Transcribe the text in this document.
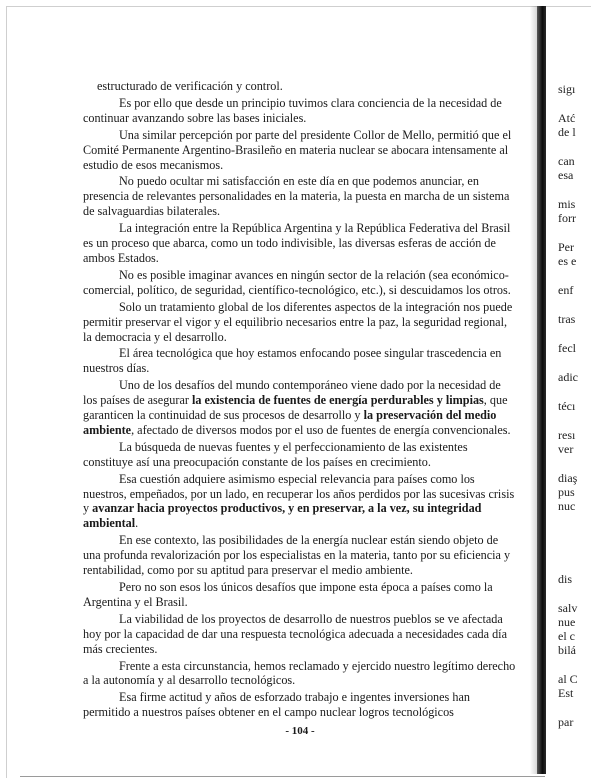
estructurado de verificación y control.

Es por ello que desde un principio tuvimos clara conciencia de la necesidad de continuar avanzando sobre las bases iniciales.

Una similar percepción por parte del presidente Collor de Mello, permitió que el Comité Permanente Argentino-Brasileño en materia nuclear se abocara intensamente al estudio de esos mecanismos.

No puedo ocultar mi satisfacción en este día en que podemos anunciar, en presencia de relevantes personalidades en la materia, la puesta en marcha de un sistema de salvaguardias bilaterales.

La integración entre la República Argentina y la República Federativa del Brasil es un proceso que abarca, como un todo indivisible, las diversas esferas de acción de ambos Estados.

No es posible imaginar avances en ningún sector de la relación (sea económico-comercial, político, de seguridad, científico-tecnológico, etc.), si descuidamos los otros.

Solo un tratamiento global de los diferentes aspectos de la integración nos puede permitir preservar el vigor y el equilibrio necesarios entre la paz, la seguridad regional, la democracia y el desarrollo.

El área tecnológica que hoy estamos enfocando posee singular trascedencia en nuestros días.

Uno de los desafíos del mundo contemporáneo viene dado por la necesidad de los países de asegurar la existencia de fuentes de energía perdurables y limpias, que garanticen la continuidad de sus procesos de desarrollo y la preservación del medio ambiente, afectado de diversos modos por el uso de fuentes de energía convencionales.

La búsqueda de nuevas fuentes y el perfeccionamiento de las existentes constituye así una preocupación constante de los países en crecimiento.

Esa cuestión adquiere asimismo especial relevancia para países como los nuestros, empeñados, por un lado, en recuperar los años perdidos por las sucesivas crisis y avanzar hacia proyectos productivos, y en preservar, a la vez, su integridad ambiental.

En ese contexto, las posibilidades de la energía nuclear están siendo objeto de una profunda revalorización por los especialistas en la materia, tanto por su eficiencia y rentabilidad, como por su aptitud para preservar el medio ambiente.

Pero no son esos los únicos desafíos que impone esta época a países como la Argentina y el Brasil.

La viabilidad de los proyectos de desarrollo de nuestros pueblos se ve afectada hoy por la capacidad de dar una respuesta tecnológica adecuada a necesidades cada día más crecientes.

Frente a esta circunstancia, hemos reclamado y ejercido nuestro legítimo derecho a la autonomía y al desarrollo tecnológicos.

Esa firme actitud y años de esforzado trabajo e ingentes inversiones han permitido a nuestros países obtener en el campo nuclear logros tecnológicos

- 104 -
sigı
Atć
de l
can
esa
mis
forr
Per
es e
enf
tras
fecl
adic
técı
resı
ver
diaş
pus
nuc
dis
salv
nue
el c
bilá
al C
Est
par
